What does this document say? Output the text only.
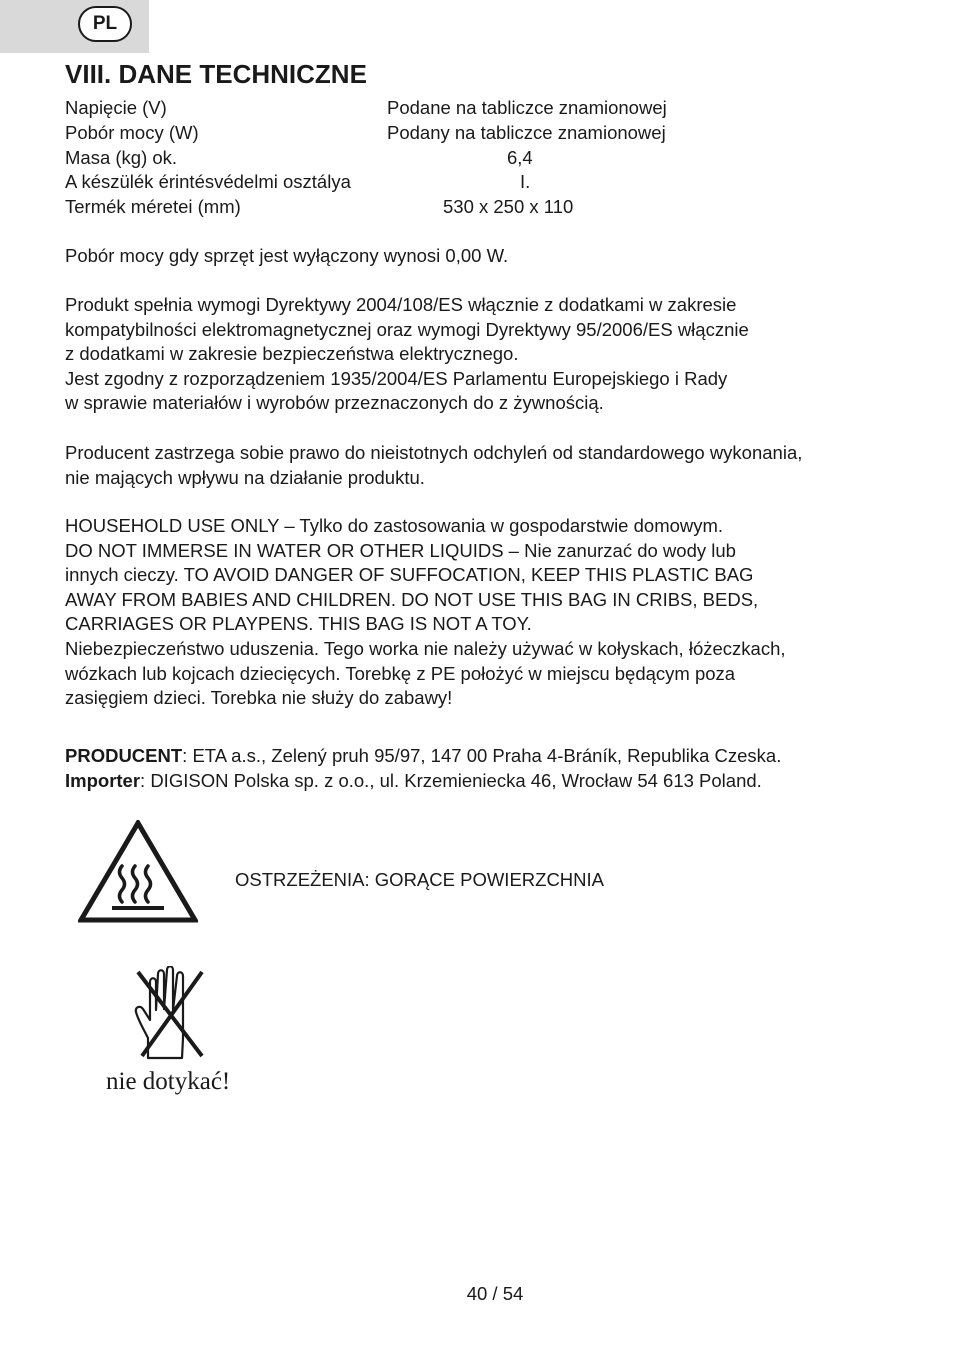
PL
VIII. DANE TECHNICZNE
Napięcie (V)	Podane na tabliczce znamionowej
Pobór mocy (W)	Podany na tabliczce znamionowej
Masa (kg) ok.	6,4
A készülék érintésvédelmi osztálya	I.
Termék méretei (mm)	530 x 250 x 110

Pobór mocy gdy sprzęt jest wyłączony wynosi 0,00 W.

Produkt spełnia wymogi Dyrektywy 2004/108/ES włącznie z dodatkami w zakresie
kompatybilności elektromagnetycznej oraz wymogi Dyrektywy 95/2006/ES włącznie
z dodatkami w zakresie bezpieczeństwa elektrycznego.
Jest zgodny z rozporządzeniem 1935/2004/ES Parlamentu Europejskiego i Rady
w sprawie materiałów i wyrobów przeznaczonych do z żywnością.

Producent zastrzega sobie prawo do nieistotnych odchyleń od standardowego wykonania,
nie mających wpływu na działanie produktu.

HOUSEHOLD USE ONLY – Tylko do zastosowania w gospodarstwie domowym.
DO NOT IMMERSE IN WATER OR OTHER LIQUIDS – Nie zanurzać do wody lub
innych cieczy. TO AVOID DANGER OF SUFFOCATION, KEEP THIS PLASTIC BAG
AWAY FROM BABIES AND CHILDREN. DO NOT USE THIS BAG IN CRIBS, BEDS,
CARRIAGES OR PLAYPENS. THIS BAG IS NOT A TOY.
Niebezpieczeństwo uduszenia. Tego worka nie należy używać w kołyskach, łóżeczkach,
wózkach lub kojcach dziecięcych. Torebkę z PE położyć w miejscu będącym poza
zasięgiem dzieci. Torebka nie służy do zabawy!

PRODUCENT: ETA a.s., Zelený pruh 95/97, 147 00 Praha 4-Bráník, Republika Czeska.

Importer: DIGISON Polska sp. z o.o., ul. Krzemieniecka 46, Wrocław 54 613 Poland.

OSTRZEŻENIA: GORĄCE POWIERZCHNIA
nie dotykać!
40 / 54
